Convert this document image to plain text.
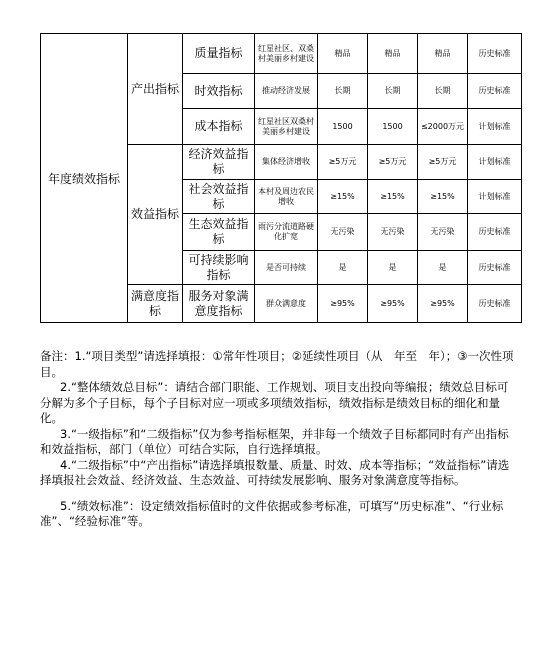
年度绩效指标	产出指标	质量指标	红星社区、双桑村美丽乡村建设	精品	精品	精品	历史标准
		时效指标	推动经济发展	长期	长期	长期	历史标准
		成本指标	红星社区双桑村美丽乡村建设	1500	1500	≤2000万元	计划标准
	效益指标	经济效益指标	集体经济增收	≥5万元	≥5万元	≥5万元	计划标准
		社会效益指标	本村及周边农民增收	≥15%	≥15%	≥15%	计划标准
		生态效益指标	雨污分流道路硬化扩宽	无污染	无污染	无污染	历史标准
		可持续影响指标	是否可持续	是	是	是	历史标准
	满意度指标	服务对象满意度指标	群众满意度	≥95%	≥95%	≥95%	历史标准

备注：1.“项目类型”请选择填报：①常年性项目；②延续性项目（从　年至　年）；③一次性项目。

2.“整体绩效总目标”：请结合部门职能、工作规划、项目支出投向等编报；绩效总目标可分解为多个子目标，每个子目标对应一项或多项绩效指标，绩效指标是绩效目标的细化和量化。

3.“一级指标”和“二级指标”仅为参考指标框架，并非每一个绩效子目标都同时有产出指标和效益指标，部门（单位）可结合实际，自行选择填报。

4.“二级指标”中“产出指标”请选择填报数量、质量、时效、成本等指标；“效益指标”请选择填报社会效益、经济效益、生态效益、可持续发展影响、服务对象满意度等指标。

5.“绩效标准”：设定绩效指标值时的文件依据或参考标准，可填写“历史标准”、“行业标准”、“经验标准”等。
